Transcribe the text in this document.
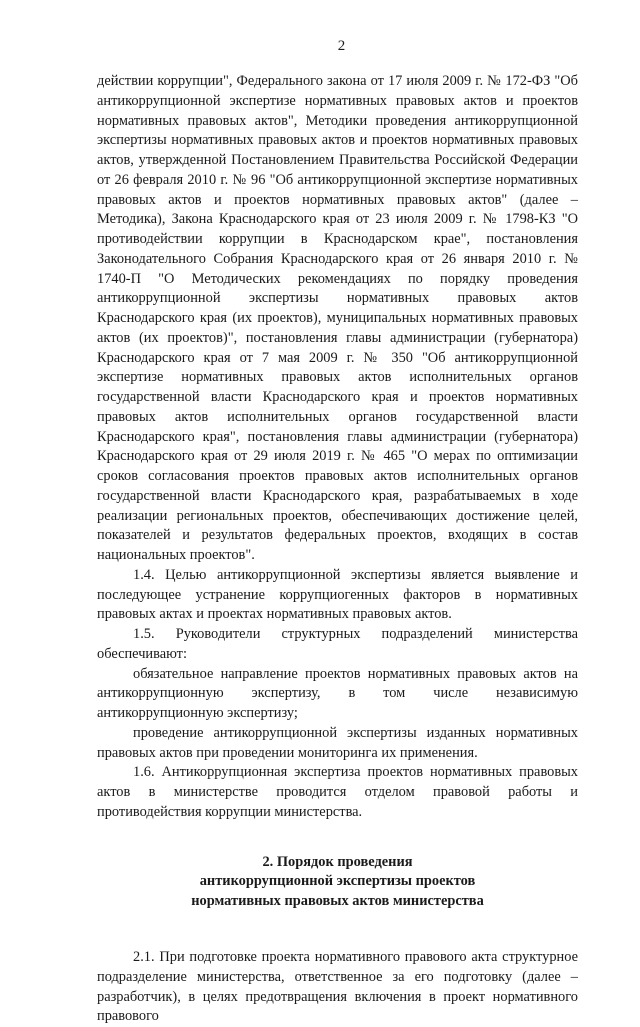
2

действии коррупции", Федерального закона от 17 июля 2009 г. № 172-ФЗ "Об антикоррупционной экспертизе нормативных правовых актов и проектов нормативных правовых актов", Методики проведения антикоррупционной экспертизы нормативных правовых актов и проектов нормативных правовых актов, утвержденной Постановлением Правительства Российской Федерации от 26 февраля 2010 г. № 96 "Об антикоррупционной экспертизе нормативных правовых актов и проектов нормативных правовых актов" (далее – Методика), Закона Краснодарского края от 23 июля 2009 г. № 1798-КЗ "О противодействии коррупции в Краснодарском крае", постановления Законодательного Собрания Краснодарского края от 26 января 2010 г. № 1740-П "О Методических рекомендациях по порядку проведения антикоррупционной экспертизы нормативных правовых актов Краснодарского края (их проектов), муниципальных нормативных правовых актов (их проектов)", постановления главы администрации (губернатора) Краснодарского края от 7 мая 2009 г. № 350 "Об антикоррупционной экспертизе нормативных правовых актов исполнительных органов государственной власти Краснодарского края и проектов нормативных правовых актов исполнительных органов государственной власти Краснодарского края", постановления главы администрации (губернатора) Краснодарского края от 29 июля 2019 г. № 465 "О мерах по оптимизации сроков согласования проектов правовых актов исполнительных органов государственной власти Краснодарского края, разрабатываемых в ходе реализации региональных проектов, обеспечивающих достижение целей, показателей и результатов федеральных проектов, входящих в состав национальных проектов".

1.4. Целью антикоррупционной экспертизы является выявление и последующее устранение коррупциогенных факторов в нормативных правовых актах и проектах нормативных правовых актов.

1.5. Руководители структурных подразделений министерства обеспечивают:

обязательное направление проектов нормативных правовых актов на антикоррупционную экспертизу, в том числе независимую антикоррупционную экспертизу;

проведение антикоррупционной экспертизы изданных нормативных правовых актов при проведении мониторинга их применения.

1.6. Антикоррупционная экспертиза проектов нормативных правовых актов в министерстве проводится отделом правовой работы и противодействия коррупции министерства.

2. Порядок проведения
антикоррупционной экспертизы проектов
нормативных правовых актов министерства

2.1. При подготовке проекта нормативного правового акта структурное подразделение министерства, ответственное за его подготовку (далее – разработчик), в целях предотвращения включения в проект нормативного правового
